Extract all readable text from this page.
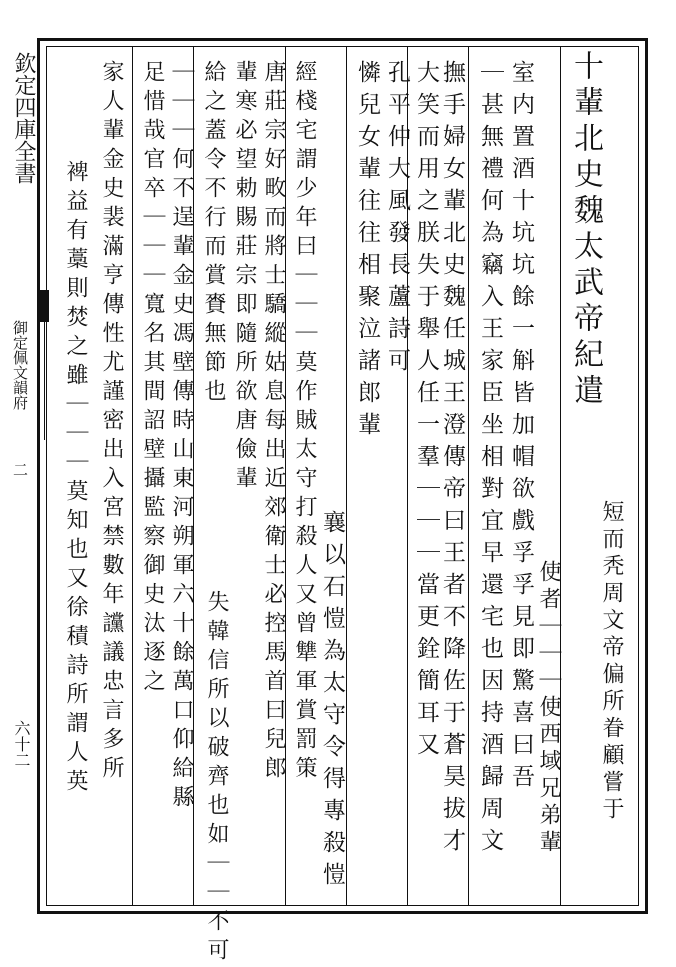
欽定四庫全書
御定佩文韻府
二
六十二
十輩北史魏太武帝紀遣
使者｜｜｜使西域兄弟輩 短而秃周文帝偏所眷顧嘗于
室内置酒十坑坑餘一斛皆加帽欲戲孚孚見即驚喜曰吾
｜甚無禮何為竊入王家臣坐相對宜早還宅也因持酒歸周文
撫手婦女輩北史魏任城王澄傳帝曰王者不降佐于蒼昊拔才
大笑而用之朕失于舉人任一羣｜｜｜當更銓簡耳又
孔平仲大風發長蘆詩可
憐兒女輩往往相聚泣諸郎輩
襄以石愷為太守令得專殺愷
經棧宅謂少年曰｜｜｜莫作賊太守打殺人又曾犨軍賞罰策
唐莊宗好畋而將士驕縱姑息每出近郊衛士必控馬首曰兒郎
輩寒必望勅賜莊宗即隨所欲唐儉輩
失韓信所以破齊也如｜｜不可
給之蓋令不行而賞賚無節也
｜｜｜何不逞輩金史馮壁傳時山東河朔軍六十餘萬口仰給縣
足惜哉官卒｜｜｜寬名其間詔壁攝監察御史汰逐之
家人輩金史裴滿亨傳性尤謹密出入宮禁數年讜議忠言多所
裨益有藁則焚之雖｜｜｜莫知也又徐積詩所謂人英
